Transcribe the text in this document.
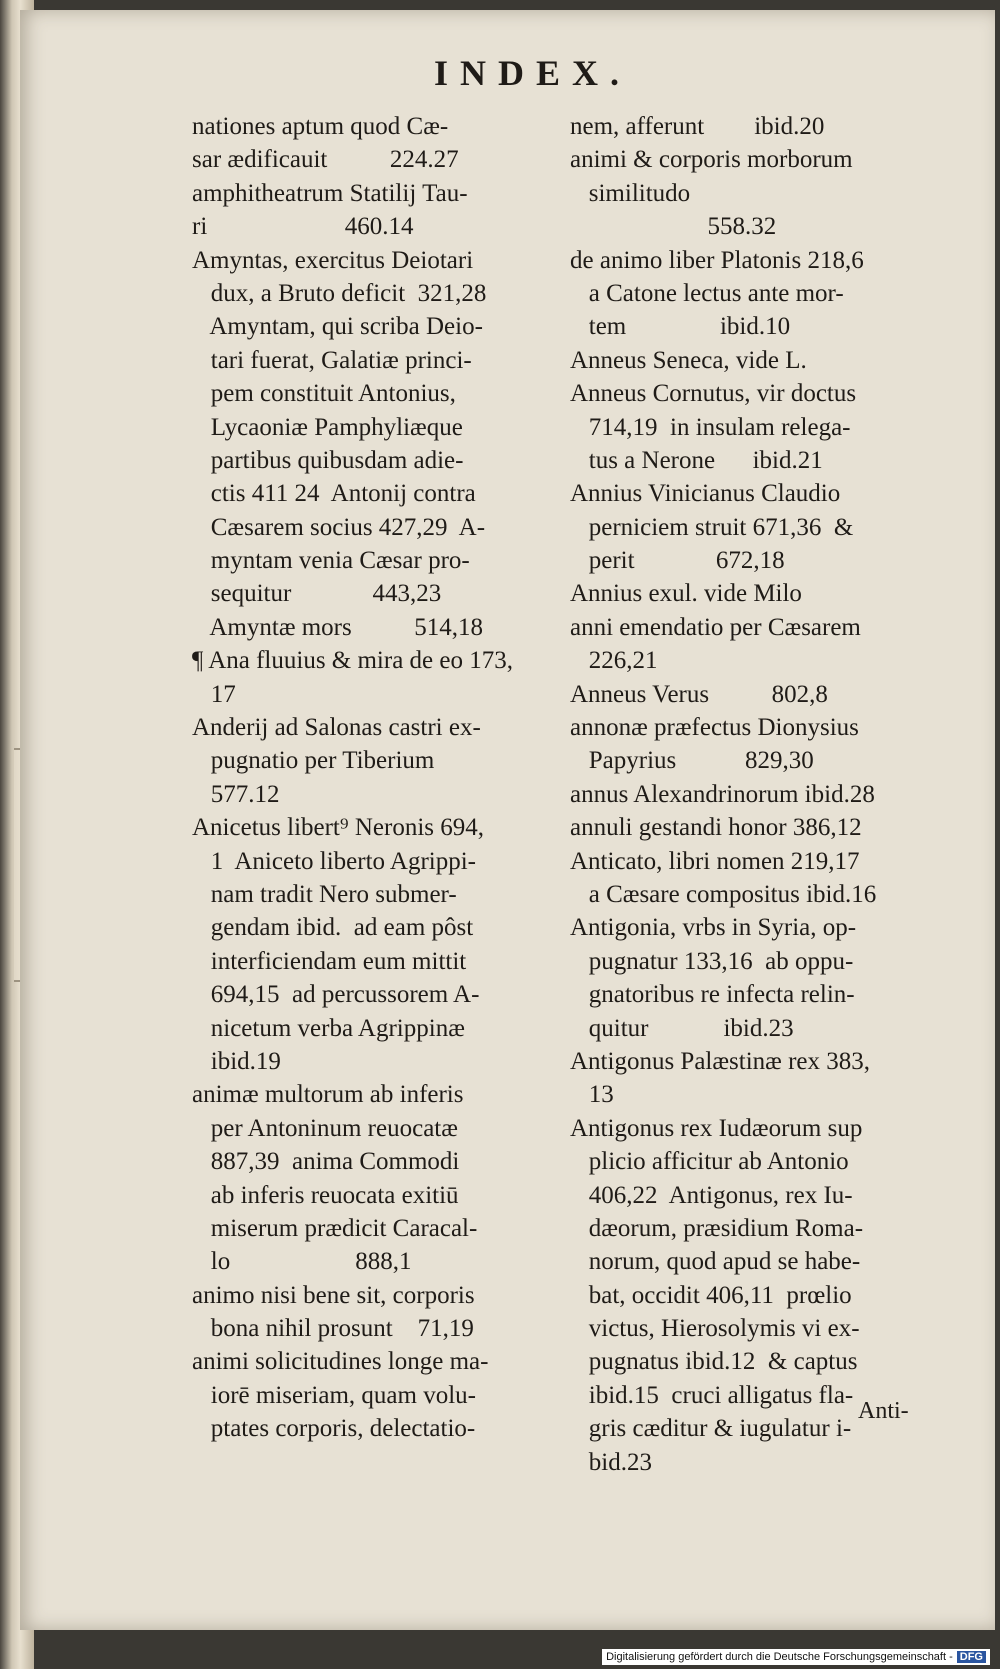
INDEX.
nationes aptum quod Cæ-
sar ædificauit          224.27
amphitheatrum Statilij Tau-
ri                      460.14
Amyntas, exercitus Deiotari
dux, a Bruto deficit  321,28
Amyntam, qui scriba Deio-
tari fuerat, Galatiæ princi-
pem constituit Antonius,
Lycaoniæ Pamphyliæque
partibus quibusdam adie-
ctis 411 24  Antonij contra
Cæsarem socius 427,29  A-
myntam venia Cæsar pro-
sequitur             443,23
Amyntæ mors          514,18
¶ Ana fluuius & mira de eo 173,
17
Anderij ad Salonas castri ex-
pugnatio per Tiberium
577.12
Anicetus libert⁹ Neronis 694,
1  Aniceto liberto Agrippi-
nam tradit Nero submer-
gendam ibid.  ad eam pôst
interficiendam eum mittit
694,15  ad percussorem A-
nicetum verba Agrippinæ
ibid.19
animæ multorum ab inferis
per Antoninum reuocatæ
887,39  anima Commodi
ab inferis reuocata exitiū
miserum prædicit Caracal-
lo                    888,1
animo nisi bene sit, corporis
bona nihil prosunt    71,19
animi solicitudines longe ma-
iorē miseriam, quam volu-
ptates corporis, delectatio-
nem, afferunt        ibid.20
animi & corporis morborum
similitudo
558.32
de animo liber Platonis 218,6
a Catone lectus ante mor-
tem               ibid.10
Anneus Seneca, vide L.
Anneus Cornutus, vir doctus
714,19  in insulam relega-
tus a Nerone      ibid.21
Annius Vinicianus Claudio
perniciem struit 671,36  &
perit             672,18
Annius exul. vide Milo
anni emendatio per Cæsarem
226,21
Anneus Verus          802,8
annonæ præfectus Dionysius
Papyrius           829,30
annus Alexandrinorum ibid.28
annuli gestandi honor 386,12
Anticato, libri nomen 219,17
a Cæsare compositus ibid.16
Antigonia, vrbs in Syria, op-
pugnatur 133,16  ab oppu-
gnatoribus re infecta relin-
quitur            ibid.23
Antigonus Palæstinæ rex 383,
13
Antigonus rex Iudæorum sup
plicio afficitur ab Antonio
406,22  Antigonus, rex Iu-
dæorum, præsidium Roma-
norum, quod apud se habe-
bat, occidit 406,11  prœlio
victus, Hierosolymis vi ex-
pugnatus ibid.12  & captus
ibid.15  cruci alligatus fla-
gris cæditur & iugulatur i-
bid.23
Anti-
Digitalisierung gefördert durch die Deutsche Forschungsgemeinschaft - DFG
